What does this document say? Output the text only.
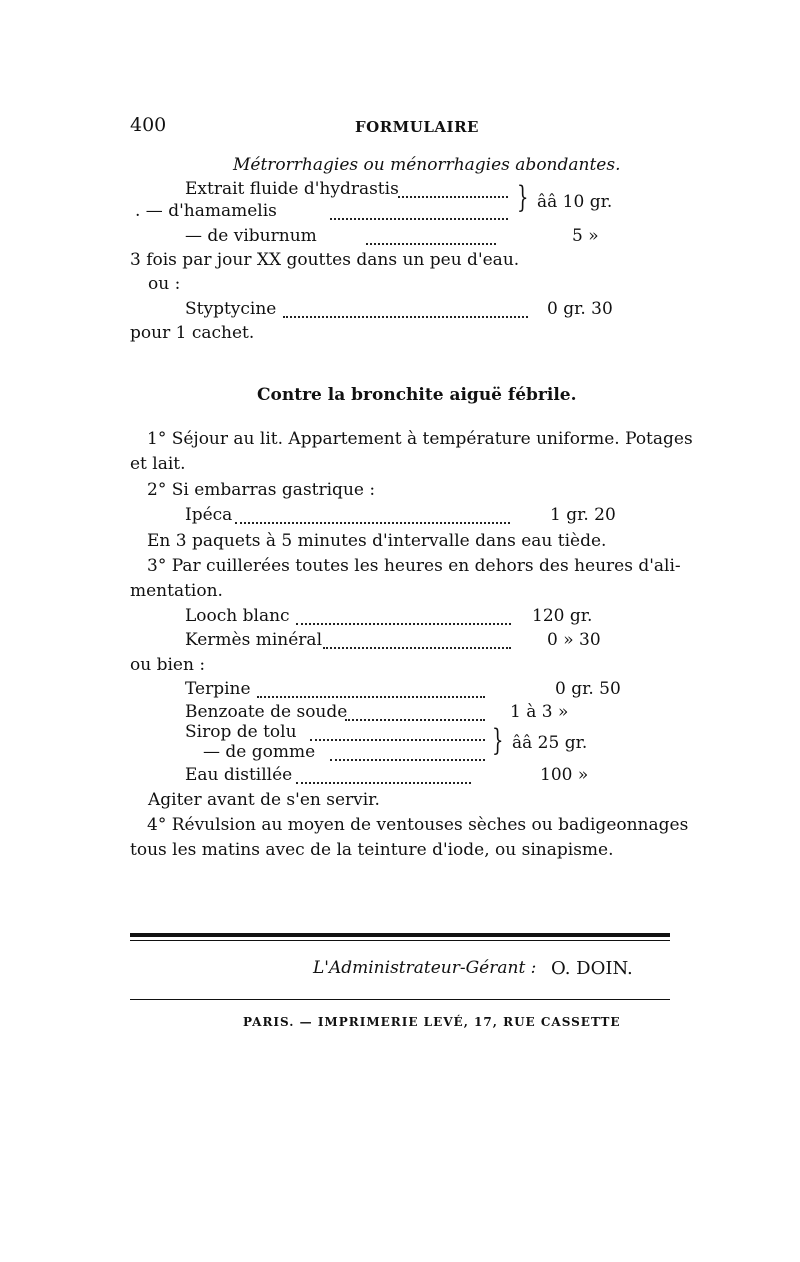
400	FORMULAIRE
Métrorrhagies ou ménorrhagies abondantes.
Extrait fluide d'hydrastis
. — d'hamamelis	} ââ 10 gr.
— de viburnum	5 »
3 fois par jour XX gouttes dans un peu d'eau.
ou :
Styptycine	0 gr. 30
pour 1 cachet.
Contre la bronchite aiguë fébrile.
1° Séjour au lit. Appartement à température uniforme. Potages
et lait.
2° Si embarras gastrique :
Ipéca	1 gr. 20
En 3 paquets à 5 minutes d'intervalle dans eau tiède.
3° Par cuillerées toutes les heures en dehors des heures d'ali-
mentation.
Looch blanc	120 gr.
Kermès minéral	0 » 30
ou bien :
Terpine	0 gr. 50
Benzoate de soude	1 à 3 »
Sirop de tolu
— de gomme	} ââ 25 gr.
Eau distillée	100 »
Agiter avant de s'en servir.
4° Révulsion au moyen de ventouses sèches ou badigeonnages
tous les matins avec de la teinture d'iode, ou sinapisme.
L'Administrateur-Gérant : O. DOIN.
PARIS. — IMPRIMERIE LEVÉ, 17, RUE CASSETTE
